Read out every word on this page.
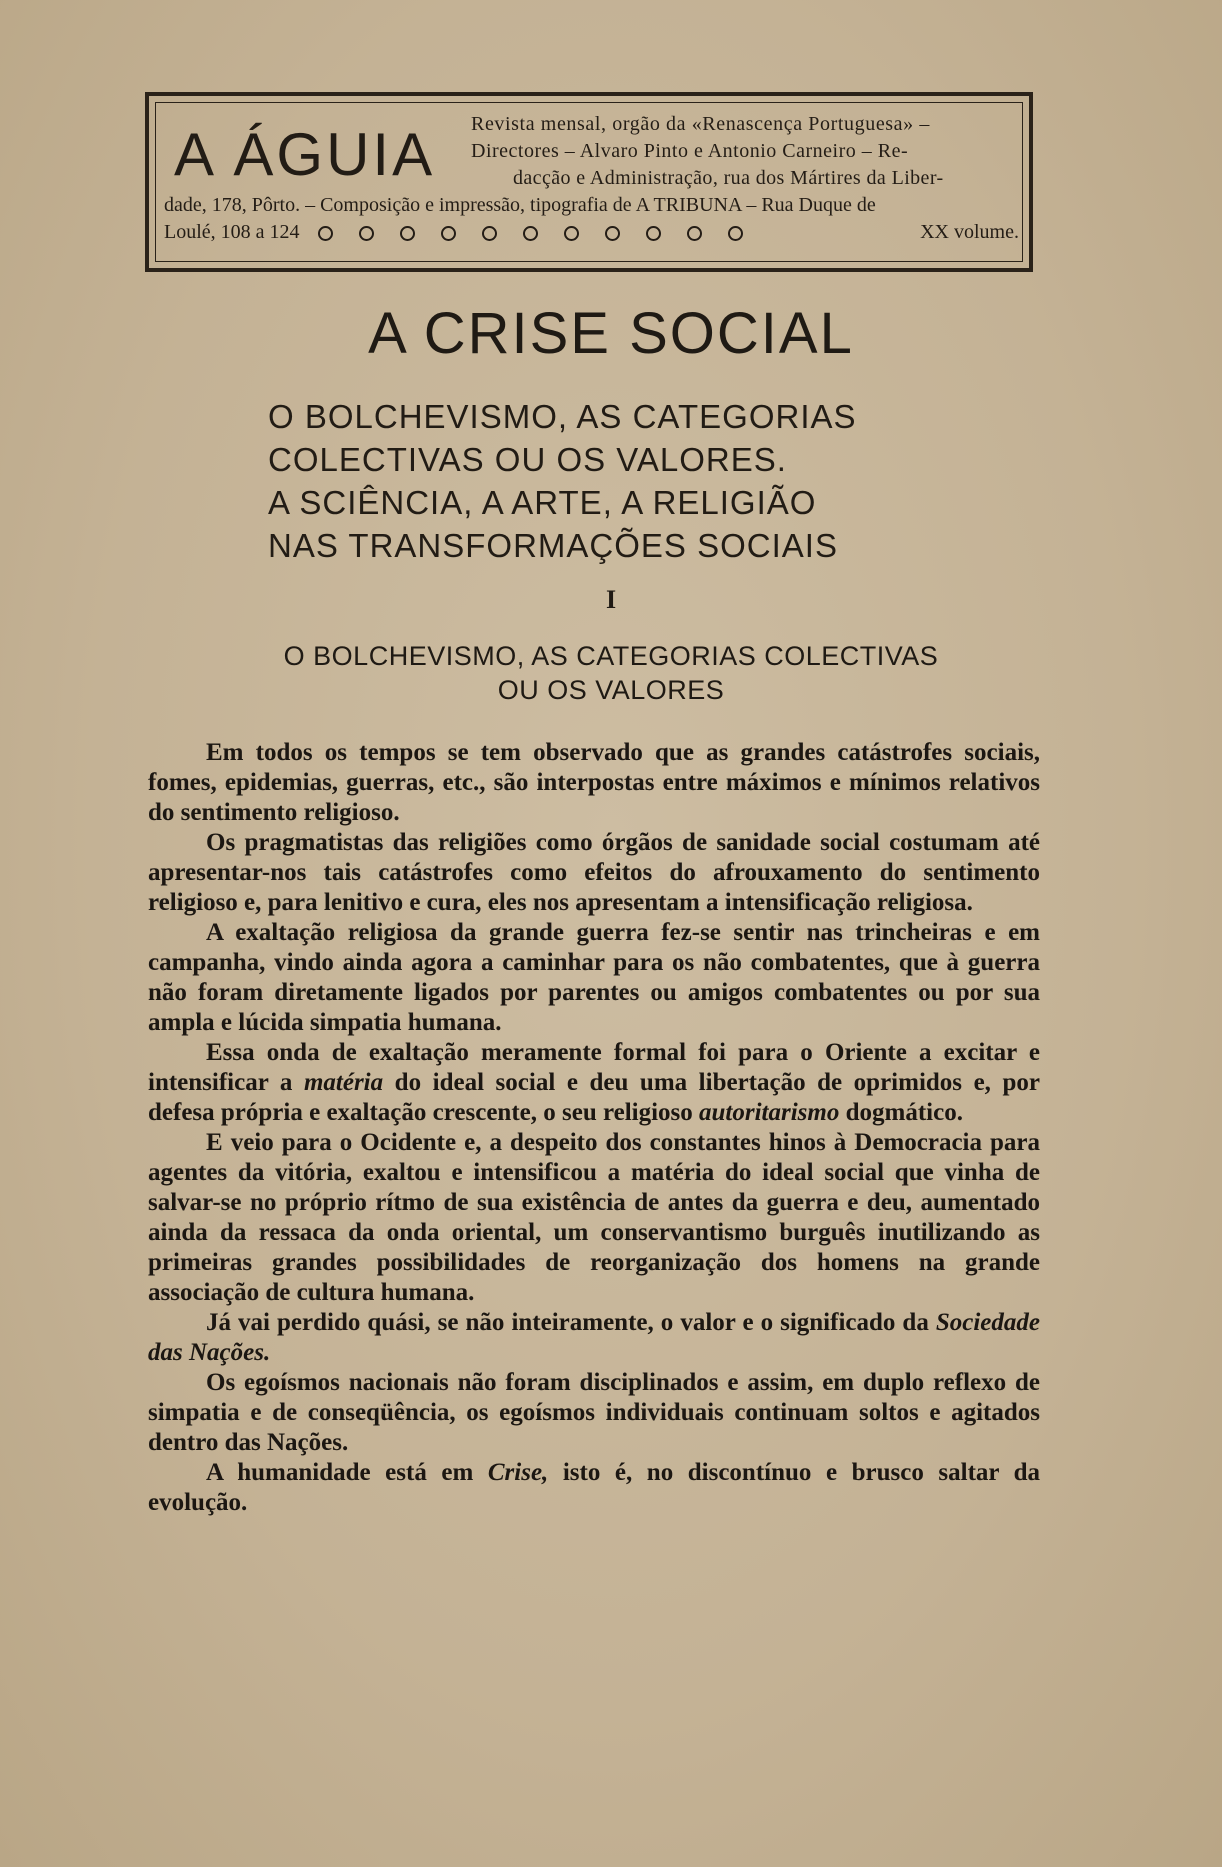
A ÁGUIA Revista mensal, orgão da «Renascença Portuguesa» –
Directores – Alvaro Pinto e Antonio Carneiro – Re-
dacção e Administração, rua dos Mártires da Liber-
dade, 178, Pôrto. – Composição e impressão, tipografia de A TRIBUNA – Rua Duque de
Loulé, 108 a 124	XX volume.
A CRISE SOCIAL
O BOLCHEVISMO, AS CATEGORIAS
COLECTIVAS OU OS VALORES.
A SCIÊNCIA, A ARTE, A RELIGIÃO
NAS TRANSFORMAÇÕES SOCIAIS
I
O BOLCHEVISMO, AS CATEGORIAS COLECTIVAS
OU OS VALORES

Em todos os tempos se tem observado que as grandes catástrofes sociais, fomes, epidemias, guerras, etc., são interpostas entre máximos e mínimos relativos do sentimento religioso.

Os pragmatistas das religiões como órgãos de sanidade social costumam até apresentar-nos tais catástrofes como efeitos do afrouxamento do sentimento religioso e, para lenitivo e cura, eles nos apresentam a intensificação religiosa.

A exaltação religiosa da grande guerra fez-se sentir nas trincheiras e em campanha, vindo ainda agora a caminhar para os não combatentes, que à guerra não foram diretamente ligados por parentes ou amigos combatentes ou por sua ampla e lúcida simpatia humana.

Essa onda de exaltação meramente formal foi para o Oriente a excitar e intensificar a matéria do ideal social e deu uma libertação de oprimidos e, por defesa própria e exaltação crescente, o seu religioso autoritarismo dogmático.

E veio para o Ocidente e, a despeito dos constantes hinos à Democracia para agentes da vitória, exaltou e intensificou a matéria do ideal social que vinha de salvar-se no próprio rítmo de sua existência de antes da guerra e deu, aumentado ainda da ressaca da onda oriental, um conservantismo burguês inutilizando as primeiras grandes possibilidades de reorganização dos homens na grande associação de cultura humana.

Já vai perdido quási, se não inteiramente, o valor e o significado da Sociedade das Nações.

Os egoísmos nacionais não foram disciplinados e assim, em duplo reflexo de simpatia e de conseqüência, os egoísmos individuais continuam soltos e agitados dentro das Nações.

A humanidade está em Crise, isto é, no discontínuo e brusco saltar da evolução.
